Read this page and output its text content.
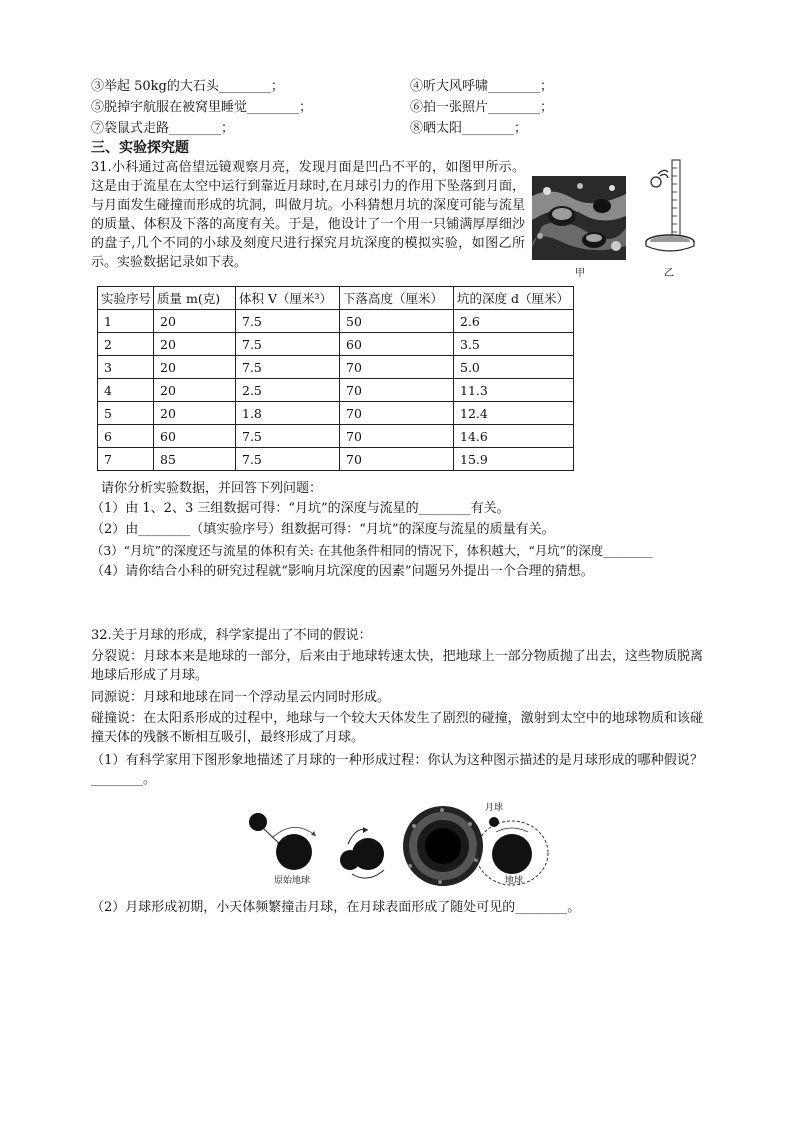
③举起 50kg的大石头________；	④听大风呼啸________；
⑤脱掉宇航服在被窝里睡觉________；	⑥拍一张照片________；
⑦袋鼠式走路________；	⑧晒太阳________；
三、实验探究题
31.小科通过高倍望远镜观察月亮，发现月面是凹凸不平的，如图甲所示。这是由于流星在太空中运行到靠近月球时,在月球引力的作用下坠落到月面，与月面发生碰撞而形成的坑洞，叫做月坑。小科猜想月坑的深度可能与流星的质量、体积及下落的高度有关。于是，他设计了一个用一只铺满厚厚细沙的盘子,几个不同的小球及刻度尺进行探究月坑深度的模拟实验，如图乙所示。实验数据记录如下表。
甲	乙
实验序号	质量 m(克)	体积 V（厘米³）	下落高度（厘米）	坑的深度 d（厘米）
1	20	7.5	50	2.6
2	20	7.5	60	3.5
3	20	7.5	70	5.0
4	20	2.5	70	11.3
5	20	1.8	70	12.4
6	60	7.5	70	14.6
7	85	7.5	70	15.9
请你分析实验数据，并回答下列问题：
（1）由 1、2、3 三组数据可得：“月坑”的深度与流星的________有关。
（2）由________（填实验序号）组数据可得：“月坑”的深度与流星的质量有关。
（3）“月坑”的深度还与流星的体积有关: 在其他条件相同的情况下，体积越大，“月坑”的深度________
（4）请你结合小科的研究过程就“影响月坑深度的因素”问题另外提出一个合理的猜想。
32.关于月球的形成，科学家提出了不同的假说：
分裂说：月球本来是地球的一部分，后来由于地球转速太快，把地球上一部分物质抛了出去，这些物质脱离地球后形成了月球。
同源说：月球和地球在同一个浮动星云内同时形成。
碰撞说：在太阳系形成的过程中，地球与一个较大天体发生了剧烈的碰撞，激射到太空中的地球物质和该碰撞天体的残骸不断相互吸引，最终形成了月球。
（1）有科学家用下图形象地描述了月球的一种形成过程：你认为这种图示描述的是月球形成的哪种假说？________。
原始地球
月球
地球
（2）月球形成初期，小天体频繁撞击月球，在月球表面形成了随处可见的________。
